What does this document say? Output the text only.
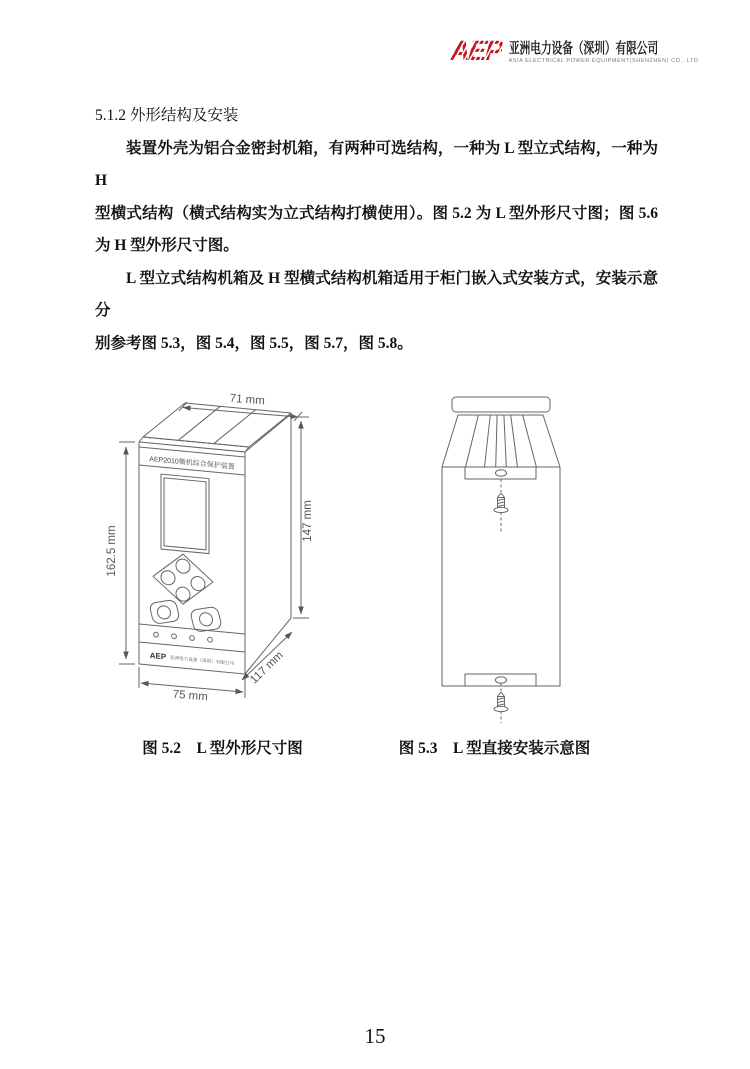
AEP 亚洲电力设备（深圳）有限公司
ASIA ELECTRICAL POWER EQUIPMENT(SHENZHEN) CO., LTD.
5.1.2 外形结构及安装
装置外壳为铝合金密封机箱，有两种可选结构，一种为 L 型立式结构，一种为 H
型横式结构（横式结构实为立式结构打横使用）。图 5.2 为 L 型外形尺寸图；图 5.6
为 H 型外形尺寸图。
L 型立式结构机箱及 H 型横式结构机箱适用于柜门嵌入式安装方式，安装示意分
别参考图 5.3，图 5.4，图 5.5，图 5.7，图 5.8。
AEP2010微机综合保护装置
AEP 亚洲电力设备（深圳）有限公司
71 mm
162.5 mm
147 mm
75 mm
117 mm
图 5.2　L 型外形尺寸图	图 5.3　L 型直接安装示意图
15
